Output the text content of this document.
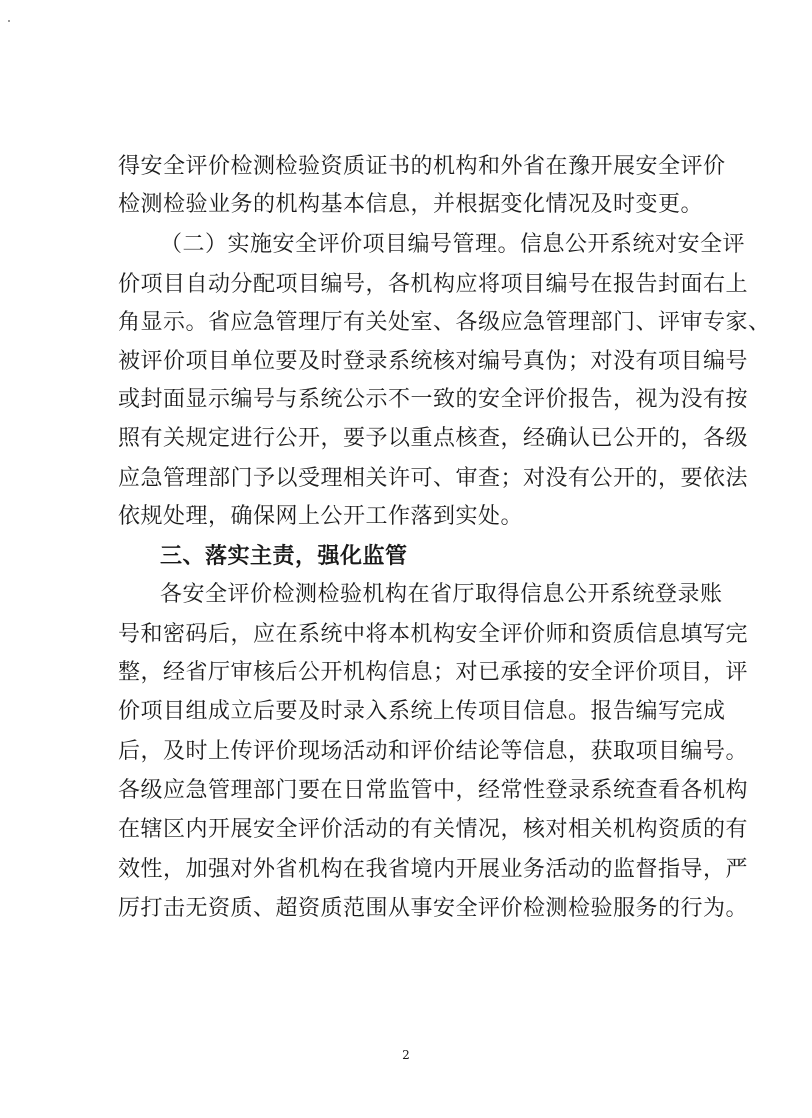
得安全评价检测检验资质证书的机构和外省在豫开展安全评价
检测检验业务的机构基本信息，并根据变化情况及时变更。
（二）实施安全评价项目编号管理。信息公开系统对安全评
价项目自动分配项目编号，各机构应将项目编号在报告封面右上
角显示。省应急管理厅有关处室、各级应急管理部门、评审专家、
被评价项目单位要及时登录系统核对编号真伪；对没有项目编号
或封面显示编号与系统公示不一致的安全评价报告，视为没有按
照有关规定进行公开，要予以重点核查，经确认已公开的，各级
应急管理部门予以受理相关许可、审查；对没有公开的，要依法
依规处理，确保网上公开工作落到实处。
三、落实主责，强化监管
各安全评价检测检验机构在省厅取得信息公开系统登录账
号和密码后，应在系统中将本机构安全评价师和资质信息填写完
整，经省厅审核后公开机构信息；对已承接的安全评价项目，评
价项目组成立后要及时录入系统上传项目信息。报告编写完成
后，及时上传评价现场活动和评价结论等信息，获取项目编号。
各级应急管理部门要在日常监管中，经常性登录系统查看各机构
在辖区内开展安全评价活动的有关情况，核对相关机构资质的有
效性，加强对外省机构在我省境内开展业务活动的监督指导，严
厉打击无资质、超资质范围从事安全评价检测检验服务的行为。
2
